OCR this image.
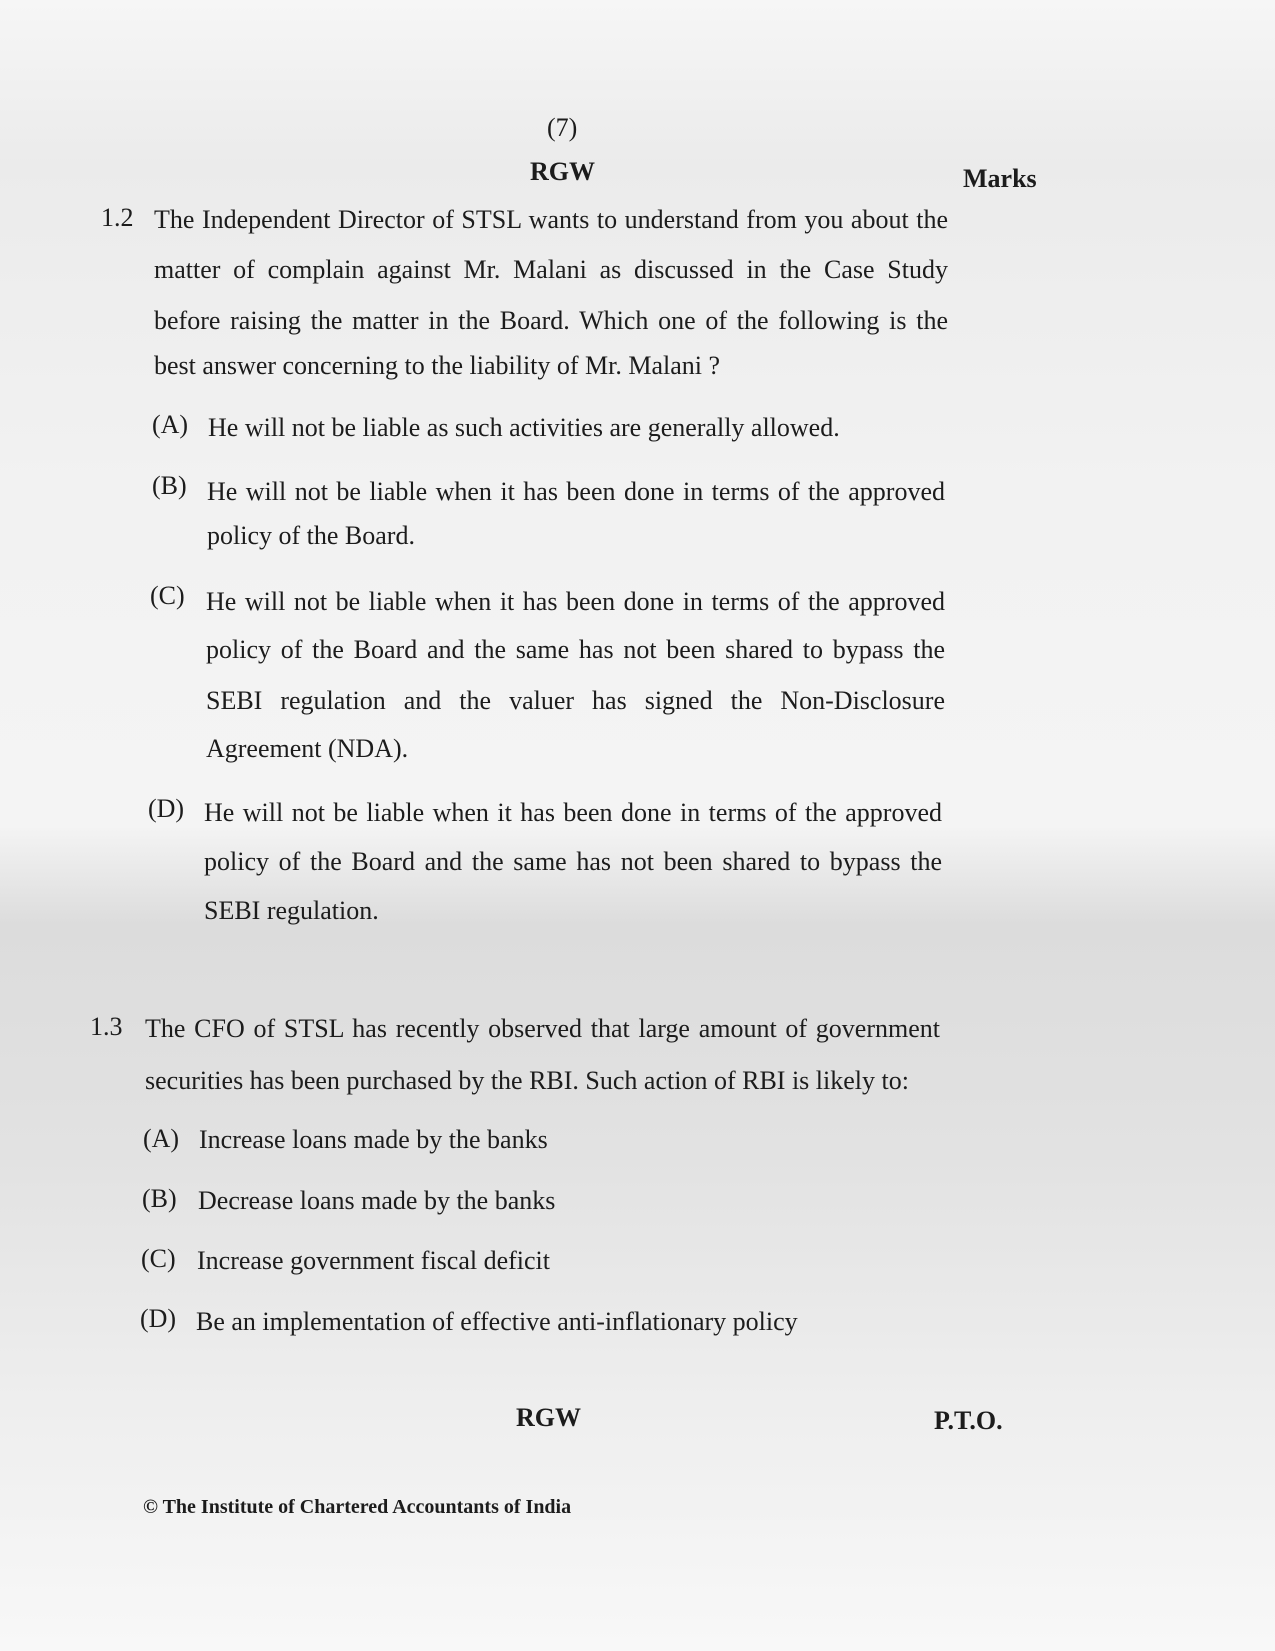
(7)
RGW	Marks
1.2 The Independent Director of STSL wants to understand from you about the
matter of complain against Mr. Malani as discussed in the Case Study
before raising the matter in the Board. Which one of the following is the
best answer concerning to the liability of Mr. Malani ?
(A) He will not be liable as such activities are generally allowed.
(B) He will not be liable when it has been done in terms of the approved
policy of the Board.
(C) He will not be liable when it has been done in terms of the approved
policy of the Board and the same has not been shared to bypass the
SEBI regulation and the valuer has signed the Non-Disclosure
Agreement (NDA).
(D) He will not be liable when it has been done in terms of the approved
policy of the Board and the same has not been shared to bypass the
SEBI regulation.
1.3 The CFO of STSL has recently observed that large amount of government
securities has been purchased by the RBI. Such action of RBI is likely to:
(A) Increase loans made by the banks
(B) Decrease loans made by the banks
(C) Increase government fiscal deficit
(D) Be an implementation of effective anti-inflationary policy
RGW	P.T.O.
© The Institute of Chartered Accountants of India
